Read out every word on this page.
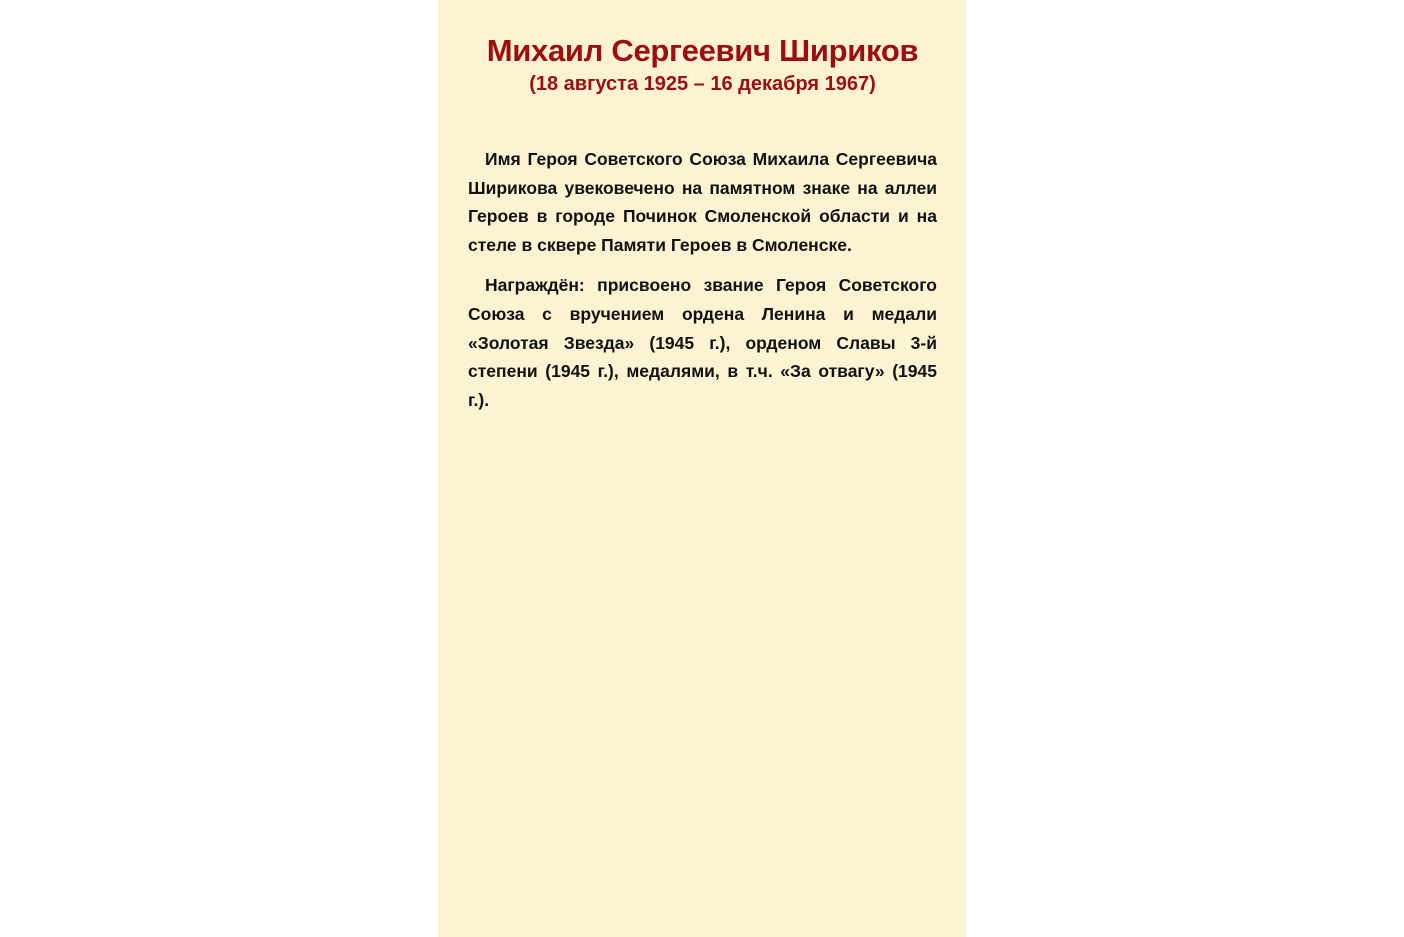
Михаил Сергеевич Шириков
(18 августа 1925 – 16 декабря 1967)

Имя Героя Советского Союза Михаила Сергеевича Ширикова увековечено на памятном знаке на аллеи Героев в городе Починок Смоленской области и на стеле в сквере Памяти Героев в Смоленске.

Награждён: присвоено звание Героя Советского Союза с вручением ордена Ленина и медали «Золотая Звезда» (1945 г.), орденом Славы 3-й степени (1945 г.), медалями, в т.ч. «За отвагу» (1945 г.).
